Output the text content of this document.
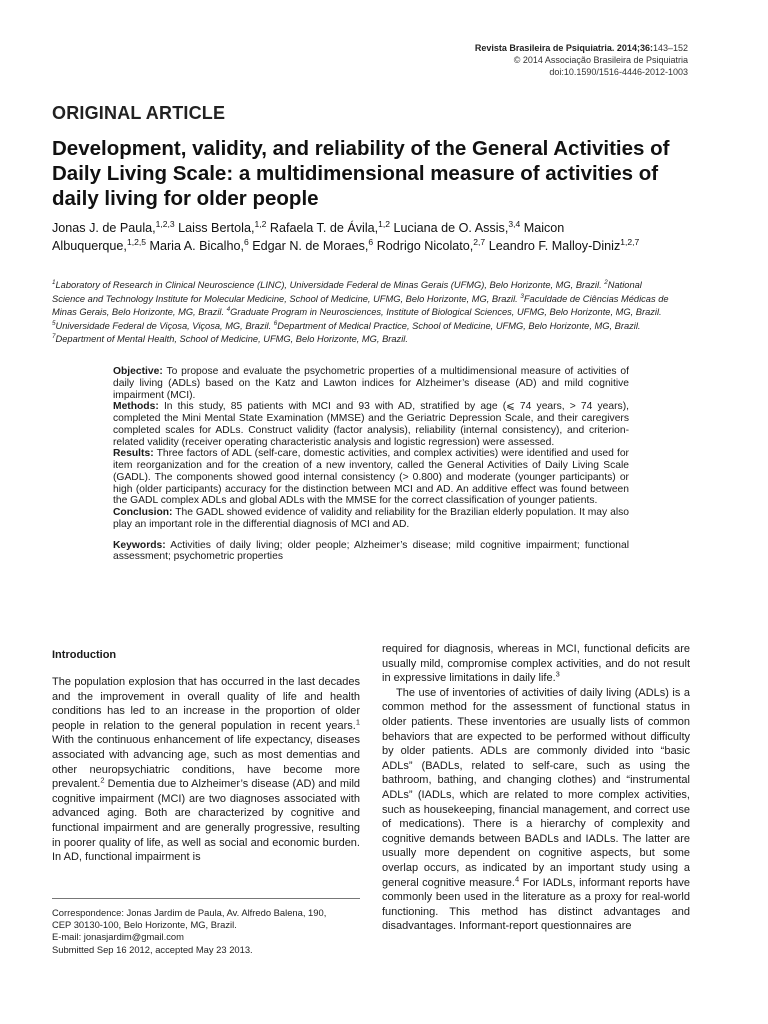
Revista Brasileira de Psiquiatria. 2014;36:143–152
© 2014 Associação Brasileira de Psiquiatria
doi:10.1590/1516-4446-2012-1003
ORIGINAL ARTICLE
Development, validity, and reliability of the General Activities of Daily Living Scale: a multidimensional measure of activities of daily living for older people
Jonas J. de Paula,$^{1,2,3}$ Laiss Bertola,$^{1,2}$ Rafaela T. de Ávila,$^{1,2}$ Luciana de O. Assis,$^{3,4}$ Maicon Albuquerque,$^{1,2,5}$ Maria A. Bicalho,$^6$ Edgar N. de Moraes,$^6$ Rodrigo Nicolato,$^{2,7}$ Leandro F. Malloy-Diniz$^{1,2,7}$
$^1$Laboratory of Research in Clinical Neuroscience (LINC), Universidade Federal de Minas Gerais (UFMG), Belo Horizonte, MG, Brazil. $^2$National Science and Technology Institute for Molecular Medicine, School of Medicine, UFMG, Belo Horizonte, MG, Brazil. $^3$Faculdade de Ciências Médicas de Minas Gerais, Belo Horizonte, MG, Brazil. $^4$Graduate Program in Neurosciences, Institute of Biological Sciences, UFMG, Belo Horizonte, MG, Brazil. $^5$Universidade Federal de Viçosa, Viçosa, MG, Brazil. $^6$Department of Medical Practice, School of Medicine, UFMG, Belo Horizonte, MG, Brazil. $^7$Department of Mental Health, School of Medicine, UFMG, Belo Horizonte, MG, Brazil.

Objective: To propose and evaluate the psychometric properties of a multidimensional measure of activities of daily living (ADLs) based on the Katz and Lawton indices for Alzheimer’s disease (AD) and mild cognitive impairment (MCI).

Methods: In this study, 85 patients with MCI and 93 with AD, stratified by age (⩽ 74 years, > 74 years), completed the Mini Mental State Examination (MMSE) and the Geriatric Depression Scale, and their caregivers completed scales for ADLs. Construct validity (factor analysis), reliability (internal consistency), and criterion-related validity (receiver operating characteristic analysis and logistic regression) were assessed.

Results: Three factors of ADL (self-care, domestic activities, and complex activities) were identified and used for item reorganization and for the creation of a new inventory, called the General Activities of Daily Living Scale (GADL). The components showed good internal consistency (> 0.800) and moderate (younger participants) or high (older participants) accuracy for the distinction between MCI and AD. An additive effect was found between the GADL complex ADLs and global ADLs with the MMSE for the correct classification of younger patients.

Conclusion: The GADL showed evidence of validity and reliability for the Brazilian elderly population. It may also play an important role in the differential diagnosis of MCI and AD.

Keywords: Activities of daily living; older people; Alzheimer’s disease; mild cognitive impairment; functional assessment; psychometric properties

Introduction

The population explosion that has occurred in the last decades and the improvement in overall quality of life and health conditions has led to an increase in the proportion of older people in relation to the general population in recent years.$^1$ With the continuous enhancement of life expectancy, diseases associated with advancing age, such as most dementias and other neuropsychiatric conditions, have become more prevalent.$^2$ Dementia due to Alzheimer’s disease (AD) and mild cognitive impairment (MCI) are two diagnoses associated with advanced aging. Both are characterized by cognitive and functional impairment and are generally progressive, resulting in poorer quality of life, as well as social and economic burden. In AD, functional impairment is

Correspondence: Jonas Jardim de Paula, Av. Alfredo Balena, 190,
CEP 30130-100, Belo Horizonte, MG, Brazil.
E-mail: jonasjardim@gmail.com
Submitted Sep 16 2012, accepted May 23 2013.

required for diagnosis, whereas in MCI, functional deficits are usually mild, compromise complex activities, and do not result in expressive limitations in daily life.$^3$

The use of inventories of activities of daily living (ADLs) is a common method for the assessment of functional status in older patients. These inventories are usually lists of common behaviors that are expected to be performed without difficulty by older patients. ADLs are commonly divided into “basic ADLs” (BADLs, related to self-care, such as using the bathroom, bathing, and changing clothes) and “instrumental ADLs” (IADLs, which are related to more complex activities, such as housekeeping, financial management, and correct use of medications). There is a hierarchy of complexity and cognitive demands between BADLs and IADLs. The latter are usually more dependent on cognitive aspects, but some overlap occurs, as indicated by an important study using a general cognitive measure.$^4$ For IADLs, informant reports have commonly been used in the literature as a proxy for real-world functioning. This method has distinct advantages and disadvantages. Informant-report questionnaires are
